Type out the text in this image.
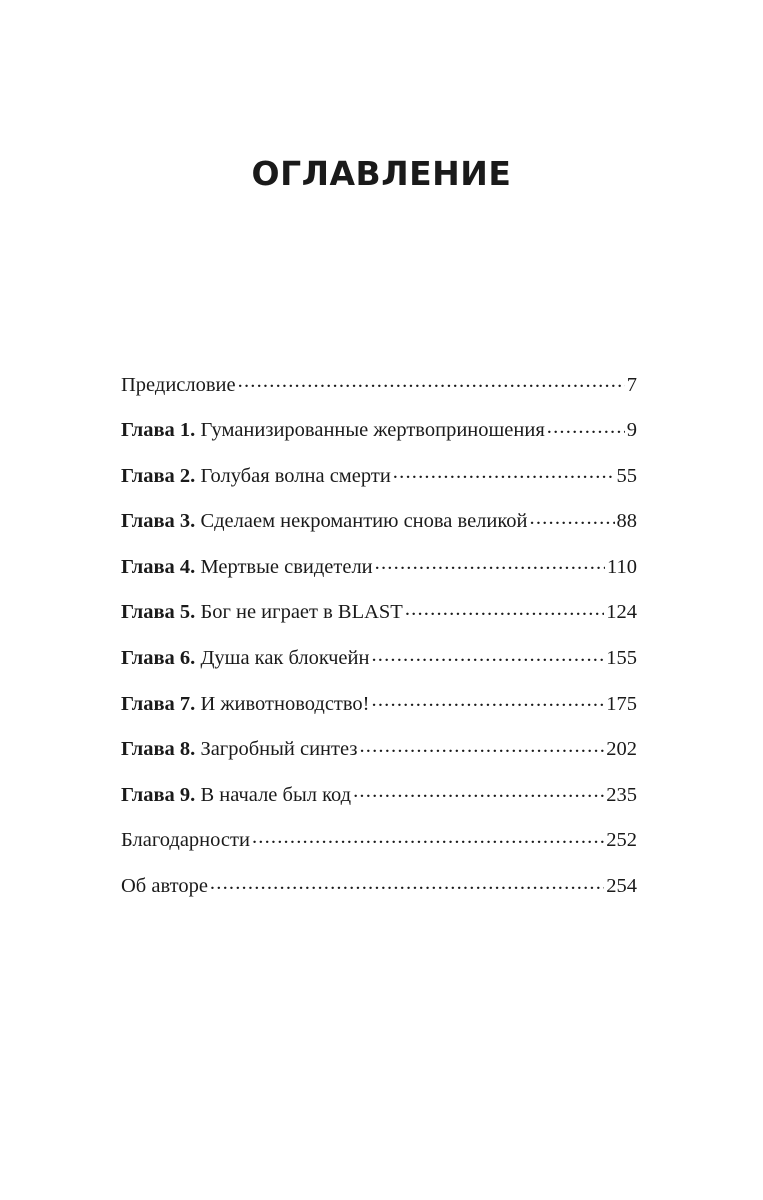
ОГЛАВЛЕНИЕ
Предисловие .....	7
Глава 1. Гуманизированные жертвоприношения .....	9
Глава 2. Голубая волна смерти .....	55
Глава 3. Сделаем некромантию снова великой .....	88
Глава 4. Мертвые свидетели .....	110
Глава 5. Бог не играет в BLAST .....	124
Глава 6. Душа как блокчейн .....	155
Глава 7. И животноводство! .....	175
Глава 8. Загробный синтез .....	202
Глава 9. В начале был код .....	235
Благодарности .....	252
Об авторе .....	254
